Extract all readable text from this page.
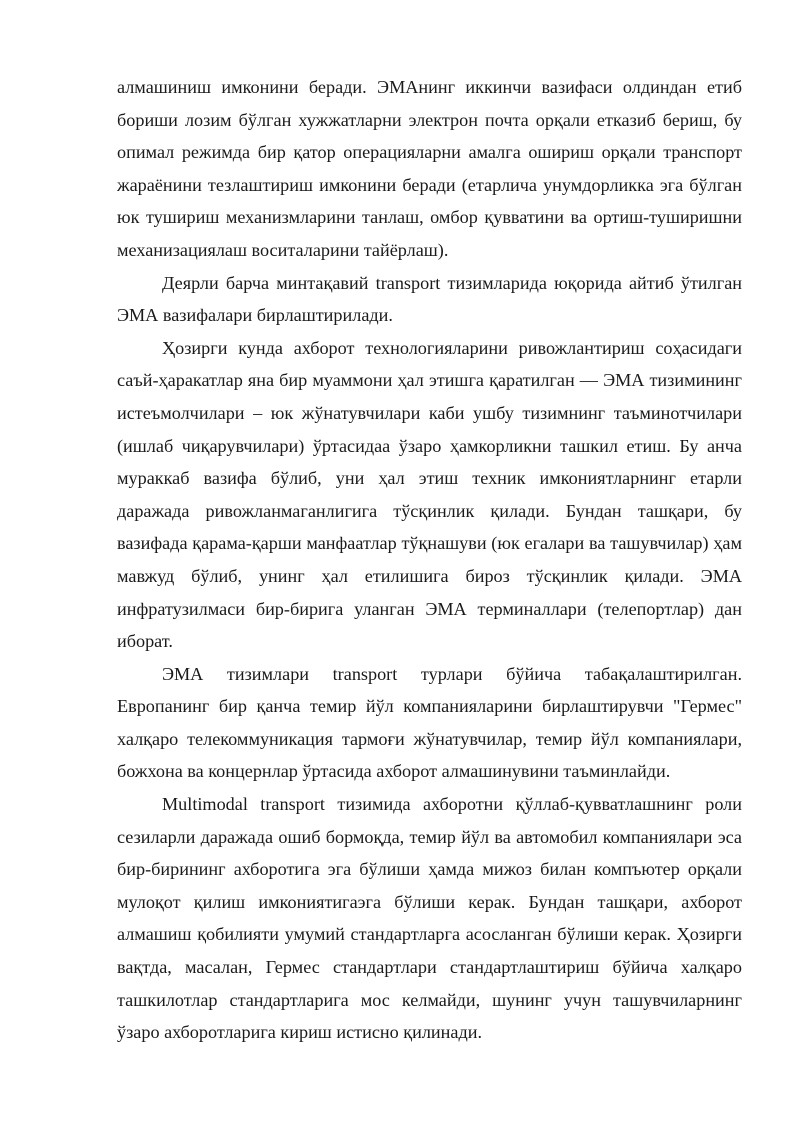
алмашиниш имконини беради. ЭМАнинг иккинчи вазифаси олдиндан етиб бориши лозим бўлган хужжатларни электрон почта орқали етказиб бериш, бу опимал режимда бир қатор операцияларни амалга ошириш орқали транспорт жараёнини тезлаштириш имконини беради (етарлича унумдорликка эга бўлган юк тушириш механизмларини танлаш, омбор қувватини ва ортиш-туширишни механизациялаш воситаларини тайёрлаш).

Деярли барча минтақавий transport тизимларида юқорида айтиб ўтилган ЭМА вазифалари бирлаштирилади.

Ҳозирги кунда ахборот технологияларини ривожлантириш соҳасидаги саъй-ҳаракатлар яна бир муаммони ҳал этишга қаратилган — ЭМА тизимининг истеъмолчилари – юк жўнатувчилари каби ушбу тизимнинг таъминотчилари (ишлаб чиқарувчилари) ўртасидаа ўзаро ҳамкорликни ташкил етиш. Бу анча мураккаб вазифа бўлиб, уни ҳал этиш техник имкониятларнинг етарли даражада ривожланмаганлигига тўсқинлик қилади. Бундан ташқари, бу вазифада қарама-қарши манфаатлар тўқнашуви (юк егалари ва ташувчилар) ҳам мавжуд бўлиб, унинг ҳал етилишига бироз тўсқинлик қилади. ЭМА инфратузилмаси бир-бирига уланган ЭМА терминаллари (телепортлар) дан иборат.

ЭМА тизимлари transport турлари бўйича табақалаштирилган. Европанинг бир қанча темир йўл компанияларини бирлаштирувчи "Гермес" халқаро телекоммуникация тармоғи жўнатувчилар, темир йўл компаниялари, божхона ва концернлар ўртасида ахборот алмашинувини таъминлайди.

Multimodal transport тизимида ахборотни қўллаб-қувватлашнинг роли сезиларли даражада ошиб бормоқда, темир йўл ва автомобил компаниялари эса бир-бирининг ахборотига эга бўлиши ҳамда мижоз билан компъютер орқали мулоқот қилиш имкониятигаэга бўлиши керак. Бундан ташқари, ахборот алмашиш қобилияти умумий стандартларга асосланган бўлиши керак. Ҳозирги вақтда, масалан, Гермес стандартлари стандартлаштириш бўйича халқаро ташкилотлар стандартларига мос келмайди, шунинг учун ташувчиларнинг ўзаро ахборотларига кириш истисно қилинади.
